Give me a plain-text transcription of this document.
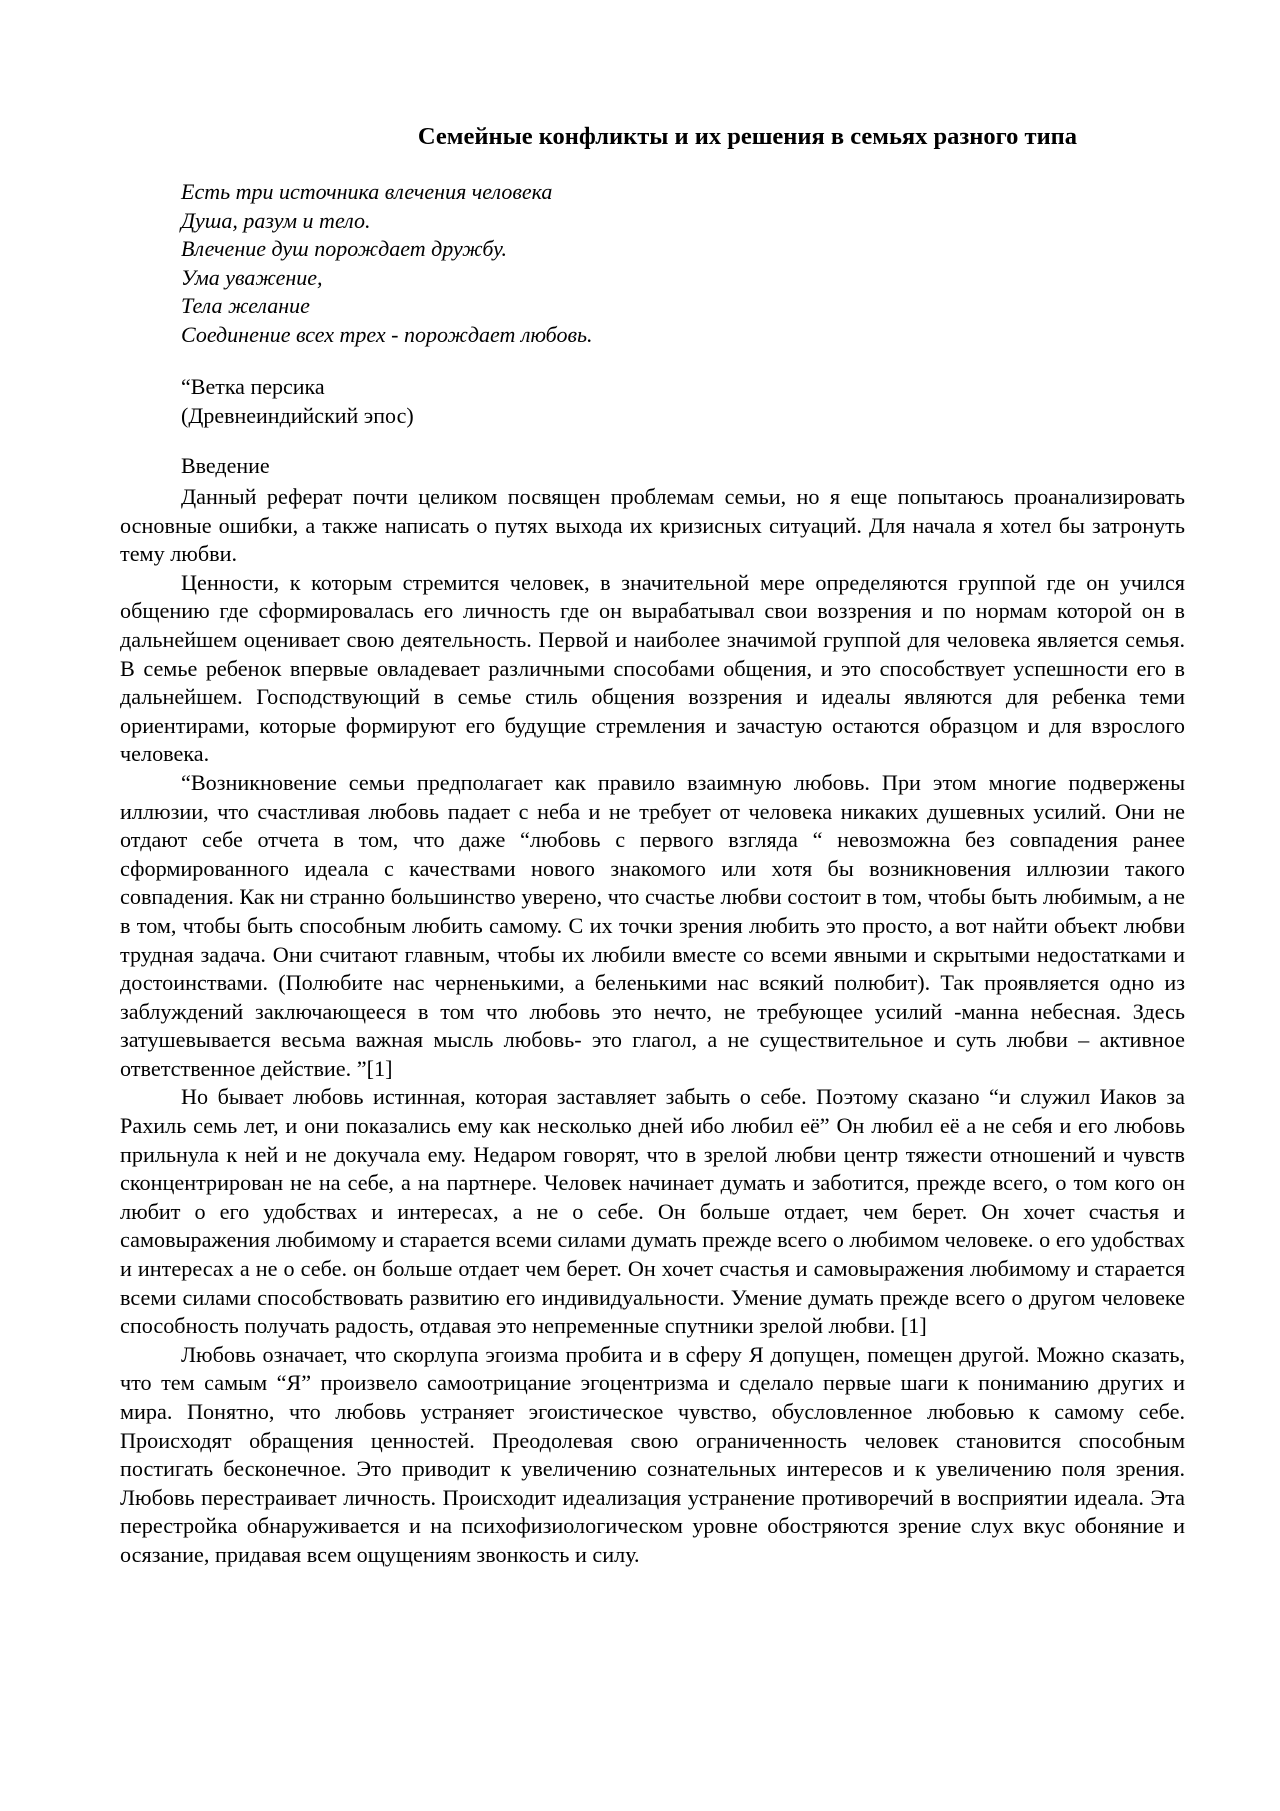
Семейные конфликты и их решения в семьях разного типа
Есть три источника влечения человека
Душа, разум и тело.
Влечение душ порождает дружбу.
Ума уважение,
Тела желание
Соединение всех трех - порождает любовь.
“Ветка персика
(Древнеиндийский эпос)
Введение

Данный реферат почти целиком посвящен проблемам семьи, но я еще попытаюсь проанализировать основные ошибки, а также написать о путях выхода их кризисных ситуаций. Для начала я хотел бы затронуть тему любви.

Ценности, к которым стремится человек, в значительной мере определяются группой где он учился общению где сформировалась его личность где он вырабатывал свои воззрения и по нормам которой он в дальнейшем оценивает свою деятельность. Первой и наиболее значимой группой для человека является семья. В семье ребенок впервые овладевает различными способами общения, и это способствует успешности его в дальнейшем. Господствующий в семье стиль общения воззрения и идеалы являются для ребенка теми ориентирами, которые формируют его будущие стремления и зачастую остаются образцом и для взрослого человека.

“Возникновение семьи предполагает как правило взаимную любовь. При этом многие подвержены иллюзии, что счастливая любовь падает с неба и не требует от человека никаких душевных усилий. Они не отдают себе отчета в том, что даже “любовь с первого взгляда “ невозможна без совпадения ранее сформированного идеала с качествами нового знакомого или хотя бы возникновения иллюзии такого совпадения. Как ни странно большинство уверено, что счастье любви состоит в том, чтобы быть любимым, а не в том, чтобы быть способным любить самому. С их точки зрения любить это просто, а вот найти объект любви трудная задача. Они считают главным, чтобы их любили вместе со всеми явными и скрытыми недостатками и достоинствами. (Полюбите нас черненькими, а беленькими нас всякий полюбит). Так проявляется одно из заблуждений заключающееся в том что любовь это нечто, не требующее усилий -манна небесная. Здесь затушевывается весьма важная мысль любовь- это глагол, а не существительное и суть любви – активное ответственное действие. ”[1]

Но бывает любовь истинная, которая заставляет забыть о себе. Поэтому сказано “и служил Иаков за Рахиль семь лет, и они показались ему как несколько дней ибо любил её” Он любил её а не себя и его любовь прильнула к ней и не докучала ему. Недаром говорят, что в зрелой любви центр тяжести отношений и чувств сконцентрирован не на себе, а на партнере. Человек начинает думать и заботится, прежде всего, о том кого он любит о его удобствах и интересах, а не о себе. Он больше отдает, чем берет. Он хочет счастья и самовыражения любимому и старается всеми силами думать прежде всего о любимом человеке. о его удобствах и интересах а не о себе. он больше отдает чем берет. Он хочет счастья и самовыражения любимому и старается всеми силами способствовать развитию его индивидуальности. Умение думать прежде всего о другом человеке способность получать радость, отдавая это непременные спутники зрелой любви. [1]

Любовь означает, что скорлупа эгоизма пробита и в сферу Я допущен, помещен другой. Можно сказать, что тем самым “Я” произвело самоотрицание эгоцентризма и сделало первые шаги к пониманию других и мира. Понятно, что любовь устраняет эгоистическое чувство, обусловленное любовью к самому себе. Происходят обращения ценностей. Преодолевая свою ограниченность человек становится способным постигать бесконечное. Это приводит к увеличению сознательных интересов и к увеличению поля зрения. Любовь перестраивает личность. Происходит идеализация устранение противоречий в восприятии идеала. Эта перестройка обнаруживается и на психофизиологическом уровне обостряются зрение слух вкус обоняние и осязание, придавая всем ощущениям звонкость и силу.
